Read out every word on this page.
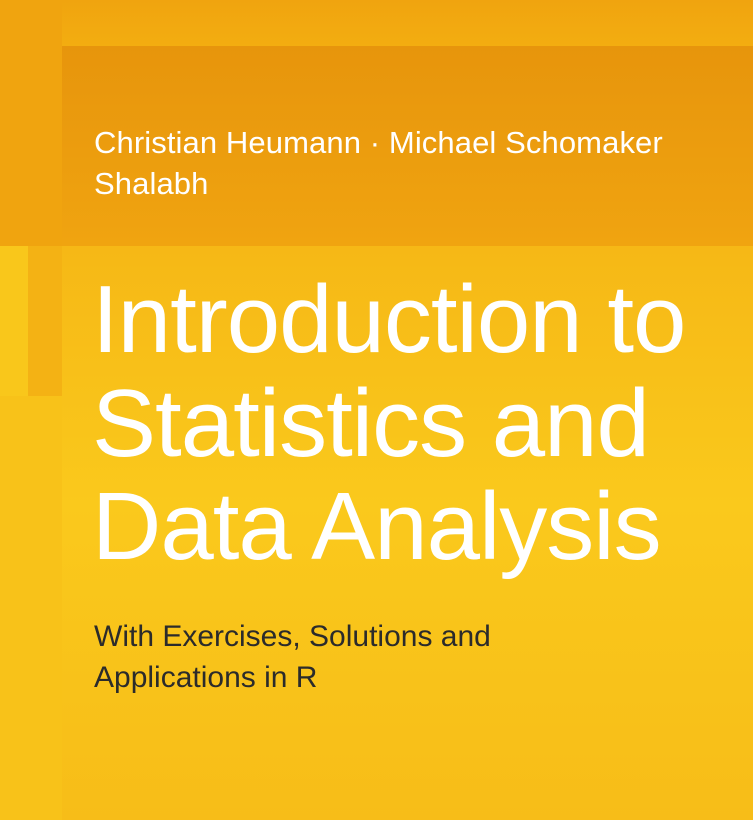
Christian Heumann · Michael Schomaker Shalabh
Introduction to
Statistics and
Data Analysis
With Exercises, Solutions and
Applications in R
